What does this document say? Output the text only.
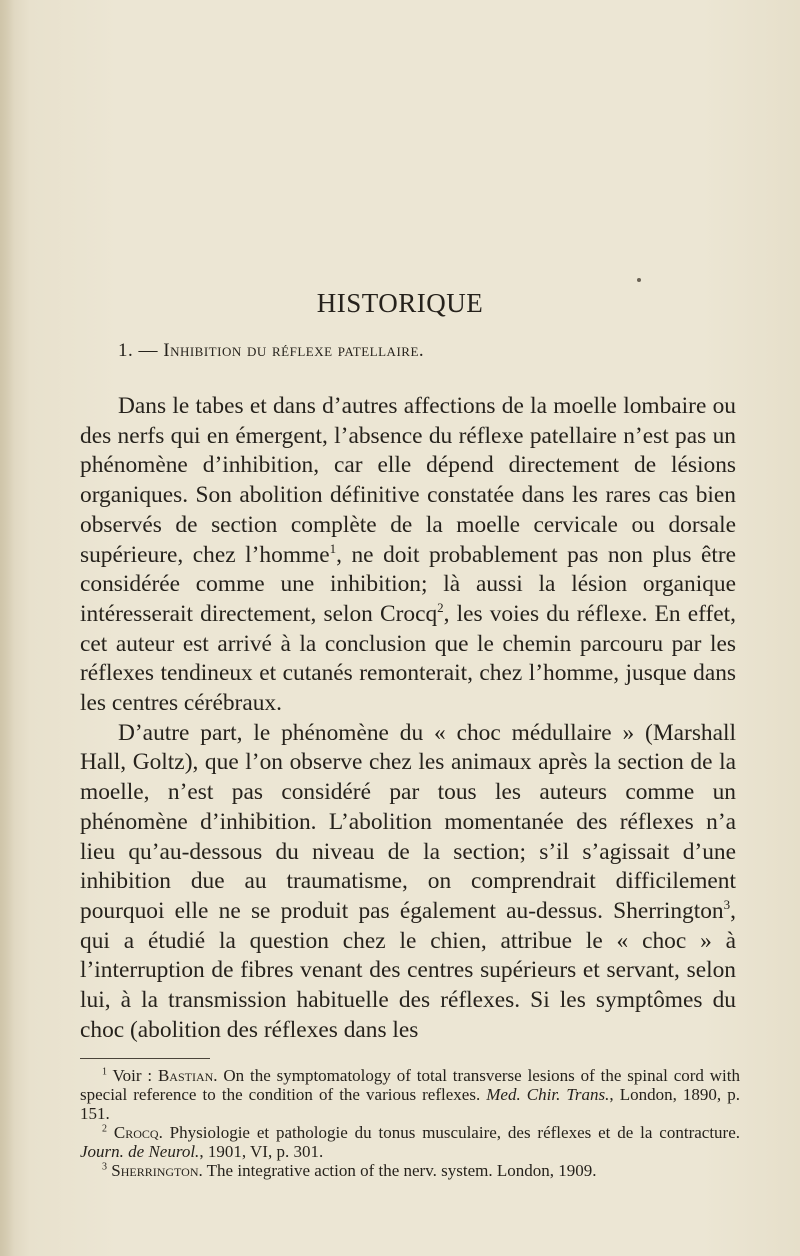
HISTORIQUE
1. — Inhibition du réflexe patellaire.

Dans le tabes et dans d’autres affections de la moelle lombaire ou des nerfs qui en émergent, l’absence du réflexe patellaire n’est pas un phénomène d’inhibition, car elle dépend directement de lésions organiques. Son abolition définitive constatée dans les rares cas bien observés de section complète de la moelle cervicale ou dorsale supérieure, chez l’homme$^1$, ne doit probablement pas non plus être considérée comme une inhibition; là aussi la lésion organique intéresserait directement, selon Crocq$^2$, les voies du réflexe. En effet, cet auteur est arrivé à la conclusion que le chemin parcouru par les réflexes tendineux et cutanés remonterait, chez l’homme, jusque dans les centres cérébraux.

D’autre part, le phénomène du « choc médullaire » (Marshall Hall, Goltz), que l’on observe chez les animaux après la section de la moelle, n’est pas considéré par tous les auteurs comme un phénomène d’inhibition. L’abolition momentanée des réflexes n’a lieu qu’au-dessous du niveau de la section; s’il s’agissait d’une inhibition due au traumatisme, on comprendrait difficilement pourquoi elle ne se produit pas également au-dessus. Sherrington$^3$, qui a étudié la question chez le chien, attribue le « choc » à l’interruption de fibres venant des centres supérieurs et servant, selon lui, à la transmission habituelle des réflexes. Si les symptômes du choc (abolition des réflexes dans les

$^1$ Voir : Bastian. On the symptomatology of total transverse lesions of the spinal cord with special reference to the condition of the various reflexes. Med. Chir. Trans., London, 1890, p. 151.

$^2$ Crocq. Physiologie et pathologie du tonus musculaire, des réflexes et de la contracture. Journ. de Neurol., 1901, VI, p. 301.

$^3$ Sherrington. The integrative action of the nerv. system. London, 1909.
